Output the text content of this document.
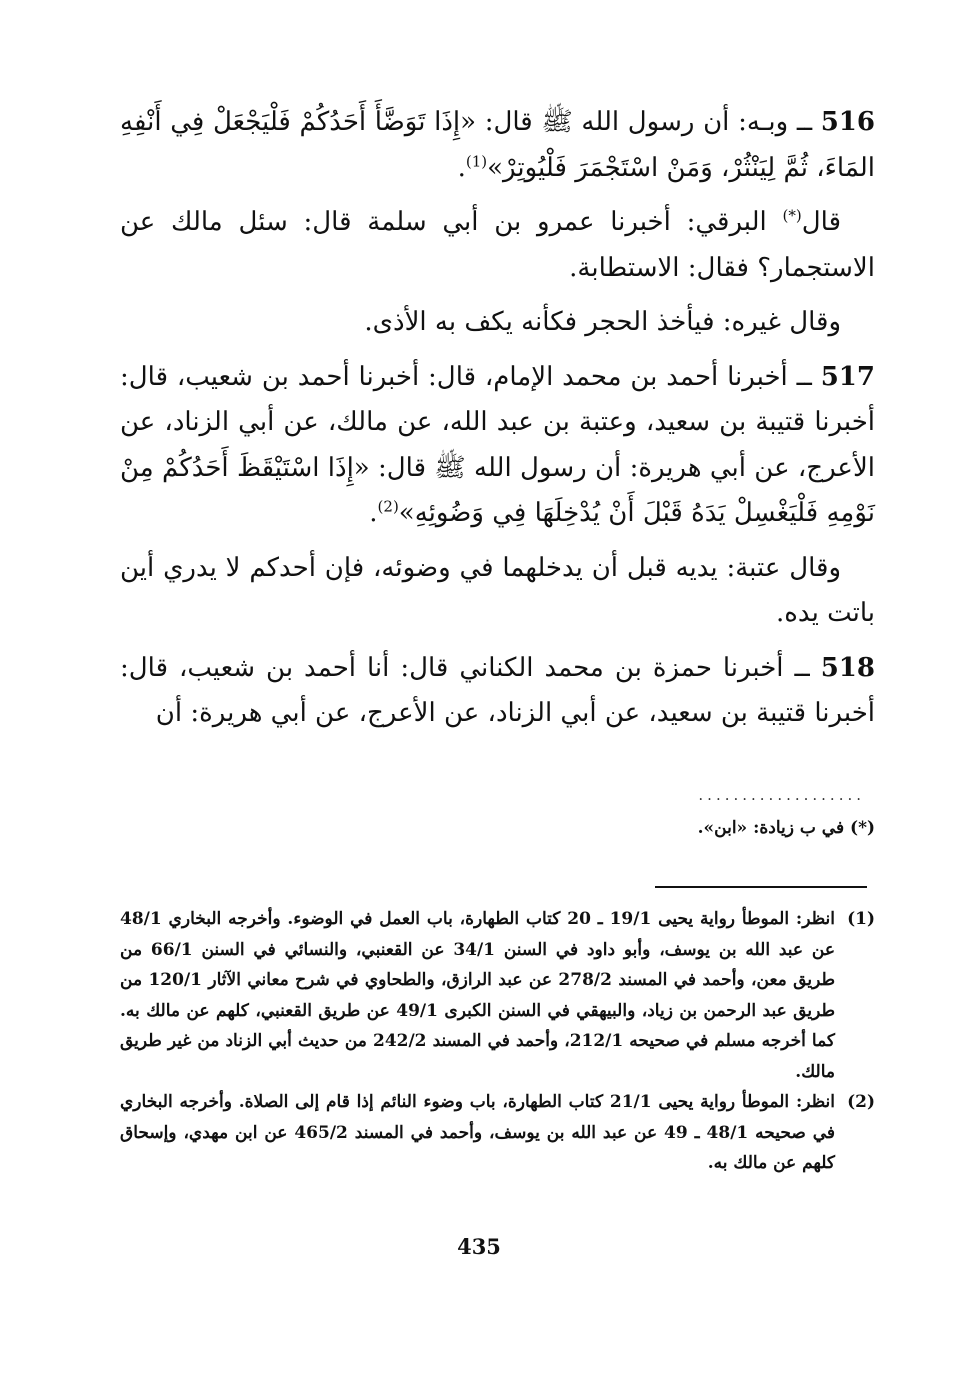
516 ــ وبـه: أن رسول الله ﷺ قال: «إِذَا تَوَضَّأَ أَحَدُكُمْ فَلْيَجْعَلْ فِي أَنْفِهِ المَاءَ، ثُمَّ لِيَنْثُرْ، وَمَنْ اسْتَجْمَرَ فَلْيُوتِرْ»$^{(1)}$.

قال(*) البرقي: أخبرنا عمرو بن أبي سلمة قال: سئل مالك عن الاستجمار؟ فقال: الاستطابة.

وقال غيره: فيأخذ الحجر فكأنه يكف به الأذى.

517 ــ أخبرنا أحمد بن محمد الإمام، قال: أخبرنا أحمد بن شعيب، قال: أخبرنا قتيبة بن سعيد، وعتبة بن عبد الله، عن مالك، عن أبي الزناد، عن الأعرج، عن أبي هريرة: أن رسول الله ﷺ قال: «إِذَا اسْتَيْقَظَ أَحَدُكُمْ مِنْ نَوْمِهِ فَلْيَغْسِلْ يَدَهُ قَبْلَ أَنْ يُدْخِلَهَا فِي وَضُوئِهِ»$^{(2)}$.

وقال عتبة: يديه قبل أن يدخلهما في وضوئه، فإن أحدكم لا يدري أين باتت يده.

518 ــ أخبرنا حمزة بن محمد الكناني قال: أنا أحمد بن شعيب، قال: أخبرنا قتيبة بن سعيد، عن أبي الزناد، عن الأعرج، عن أبي هريرة: أن

...................
(*) في ب زيادة: «ابن».
(1)
انظر: الموطأ رواية يحيى 19/1 ـ 20 كتاب الطهارة، باب العمل في الوضوء. وأخرجه البخاري 48/1 عن عبد الله بن يوسف، وأبو داود في السنن 34/1 عن القعنبي، والنسائي في السنن 66/1 من طريق معن، وأحمد في المسند 278/2 عن عبد الرازق، والطحاوي في شرح معاني الآثار 120/1 من طريق عبد الرحمن بن زياد، والبيهقي في السنن الكبرى 49/1 عن طريق القعنبي، كلهم عن مالك به. كما أخرجه مسلم في صحيحه 212/1، وأحمد في المسند 242/2 من حديث أبي الزناد من غير طريق مالك.
(2)
انظر: الموطأ رواية يحيى 21/1 كتاب الطهارة، باب وضوء النائم إذا قام إلى الصلاة. وأخرجه البخاري في صحيحه 48/1 ـ 49 عن عبد الله بن يوسف، وأحمد في المسند 465/2 عن ابن مهدي، وإسحاق كلهم عن مالك به.
435
